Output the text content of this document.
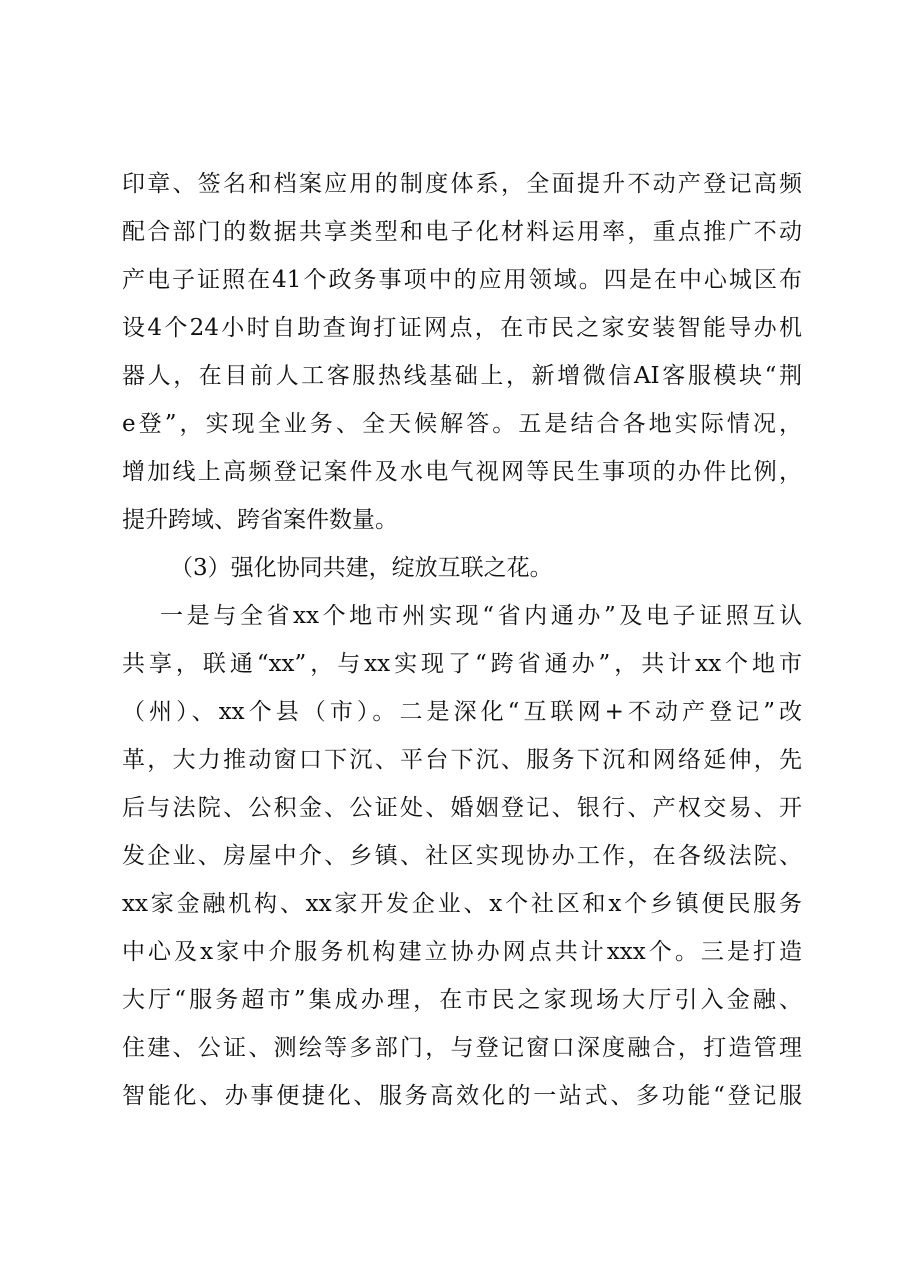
印章、签名和档案应用的制度体系，全面提升不动产登记高频
配合部门的数据共享类型和电子化材料运用率，重点推广不动
产电子证照在41个政务事项中的应用领域。四是在中心城区布
设4个24小时自助查询打证网点，在市民之家安装智能导办机
器人，在目前人工客服热线基础上，新增微信AI客服模块“荆
e登”，实现全业务、全天候解答。五是结合各地实际情况，
增加线上高频登记案件及水电气视网等民生事项的办件比例，
提升跨域、跨省案件数量。
（3）强化协同共建，绽放互联之花。
一是与全省xx个地市州实现“省内通办”及电子证照互认
共享，联通“xx”，与xx实现了“跨省通办”，共计xx个地市
（州）、xx个县（市）。二是深化“互联网+不动产登记”改
革，大力推动窗口下沉、平台下沉、服务下沉和网络延伸，先
后与法院、公积金、公证处、婚姻登记、银行、产权交易、开
发企业、房屋中介、乡镇、社区实现协办工作，在各级法院、
xx家金融机构、xx家开发企业、x个社区和x个乡镇便民服务
中心及x家中介服务机构建立协办网点共计xxx个。三是打造
大厅“服务超市”集成办理，在市民之家现场大厅引入金融、
住建、公证、测绘等多部门，与登记窗口深度融合，打造管理
智能化、办事便捷化、服务高效化的一站式、多功能“登记服
